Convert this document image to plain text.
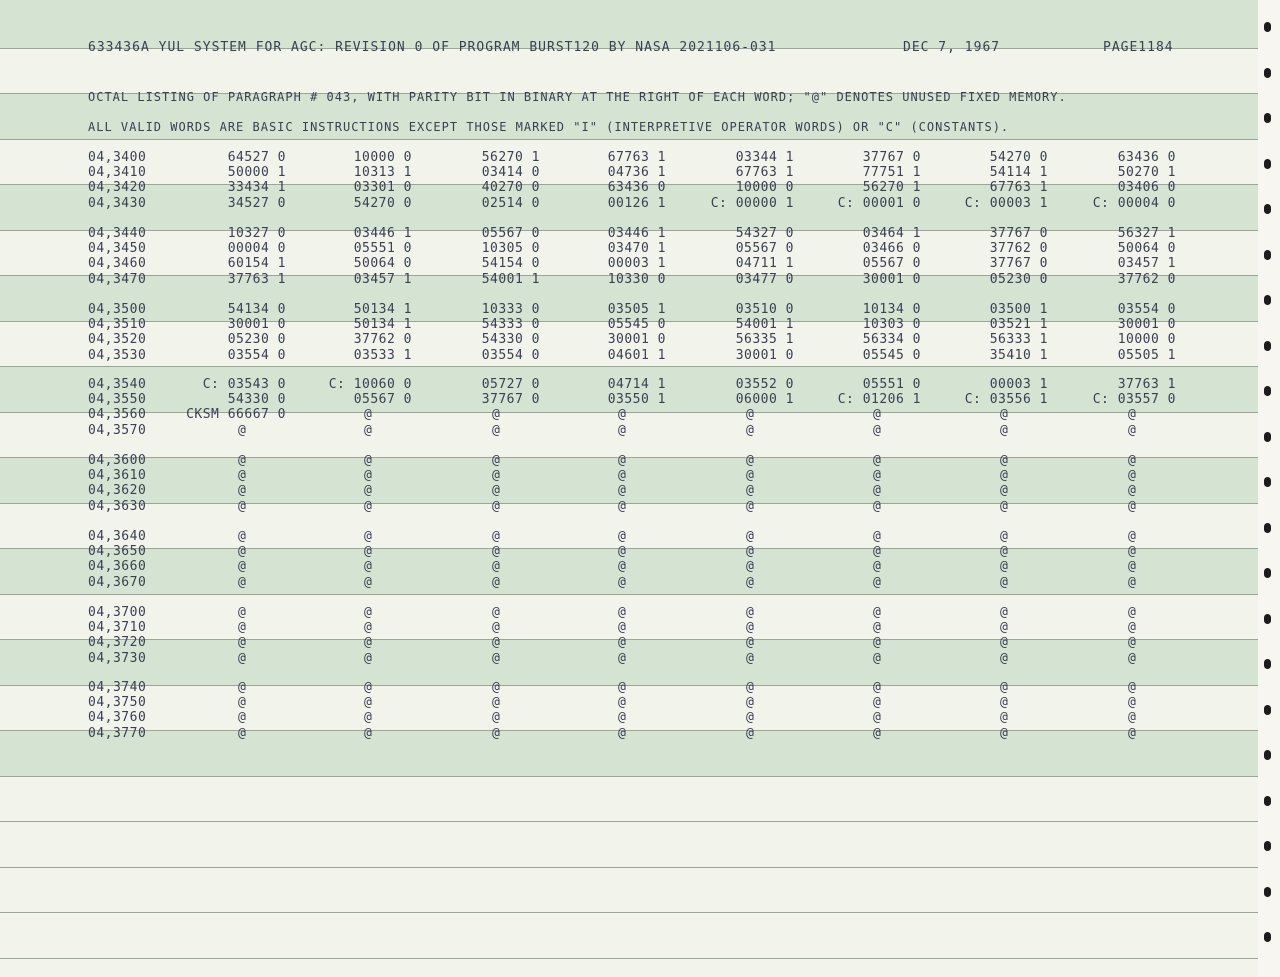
633436A YUL SYSTEM FOR AGC: REVISION 0 OF PROGRAM BURST120 BY NASA 2021106-031	DEC 7, 1967	PAGE1184
OCTAL LISTING OF PARAGRAPH # 043, WITH PARITY BIT IN BINARY AT THE RIGHT OF EACH WORD; "@" DENOTES UNUSED FIXED MEMORY.
ALL VALID WORDS ARE BASIC INSTRUCTIONS EXCEPT THOSE MARKED "I" (INTERPRETIVE OPERATOR WORDS) OR "C" (CONSTANTS).
04,3400	64527 0	10000 0	56270 1	67763 1	03344 1	37767 0	54270 0	63436 0
04,3410	50000 1	10313 1	03414 0	04736 1	67763 1	77751 1	54114 1	50270 1
04,3420	33434 1	03301 0	40270 0	63436 0	10000 0	56270 1	67763 1	03406 0
04,3430	34527 0	54270 0	02514 0	00126 1	C: 00000 1	C: 00001 0	C: 00003 1	C: 00004 0
04,3440	10327 0	03446 1	05567 0	03446 1	54327 0	03464 1	37767 0	56327 1
04,3450	00004 0	05551 0	10305 0	03470 1	05567 0	03466 0	37762 0	50064 0
04,3460	60154 1	50064 0	54154 0	00003 1	04711 1	05567 0	37767 0	03457 1
04,3470	37763 1	03457 1	54001 1	10330 0	03477 0	30001 0	05230 0	37762 0
04,3500	54134 0	50134 1	10333 0	03505 1	03510 0	10134 0	03500 1	03554 0
04,3510	30001 0	50134 1	54333 0	05545 0	54001 1	10303 0	03521 1	30001 0
04,3520	05230 0	37762 0	54330 0	30001 0	56335 1	56334 0	56333 1	10000 0
04,3530	03554 0	03533 1	03554 0	04601 1	30001 0	05545 0	35410 1	05505 1
04,3540	C: 03543 0	C: 10060 0	05727 0	04714 1	03552 0	05551 0	00003 1	37763 1
04,3550	54330 0	05567 0	37767 0	03550 1	06000 1	C: 01206 1	C: 03556 1	C: 03557 0
04,3560	CKSM 66667 0	@	@	@	@	@	@	@
04,3570	@	@	@	@	@	@	@	@
04,3600	@	@	@	@	@	@	@	@
04,3610	@	@	@	@	@	@	@	@
04,3620	@	@	@	@	@	@	@	@
04,3630	@	@	@	@	@	@	@	@
04,3640	@	@	@	@	@	@	@	@
04,3650	@	@	@	@	@	@	@	@
04,3660	@	@	@	@	@	@	@	@
04,3670	@	@	@	@	@	@	@	@
04,3700	@	@	@	@	@	@	@	@
04,3710	@	@	@	@	@	@	@	@
04,3720	@	@	@	@	@	@	@	@
04,3730	@	@	@	@	@	@	@	@
04,3740	@	@	@	@	@	@	@	@
04,3750	@	@	@	@	@	@	@	@
04,3760	@	@	@	@	@	@	@	@
04,3770	@	@	@	@	@	@	@	@
